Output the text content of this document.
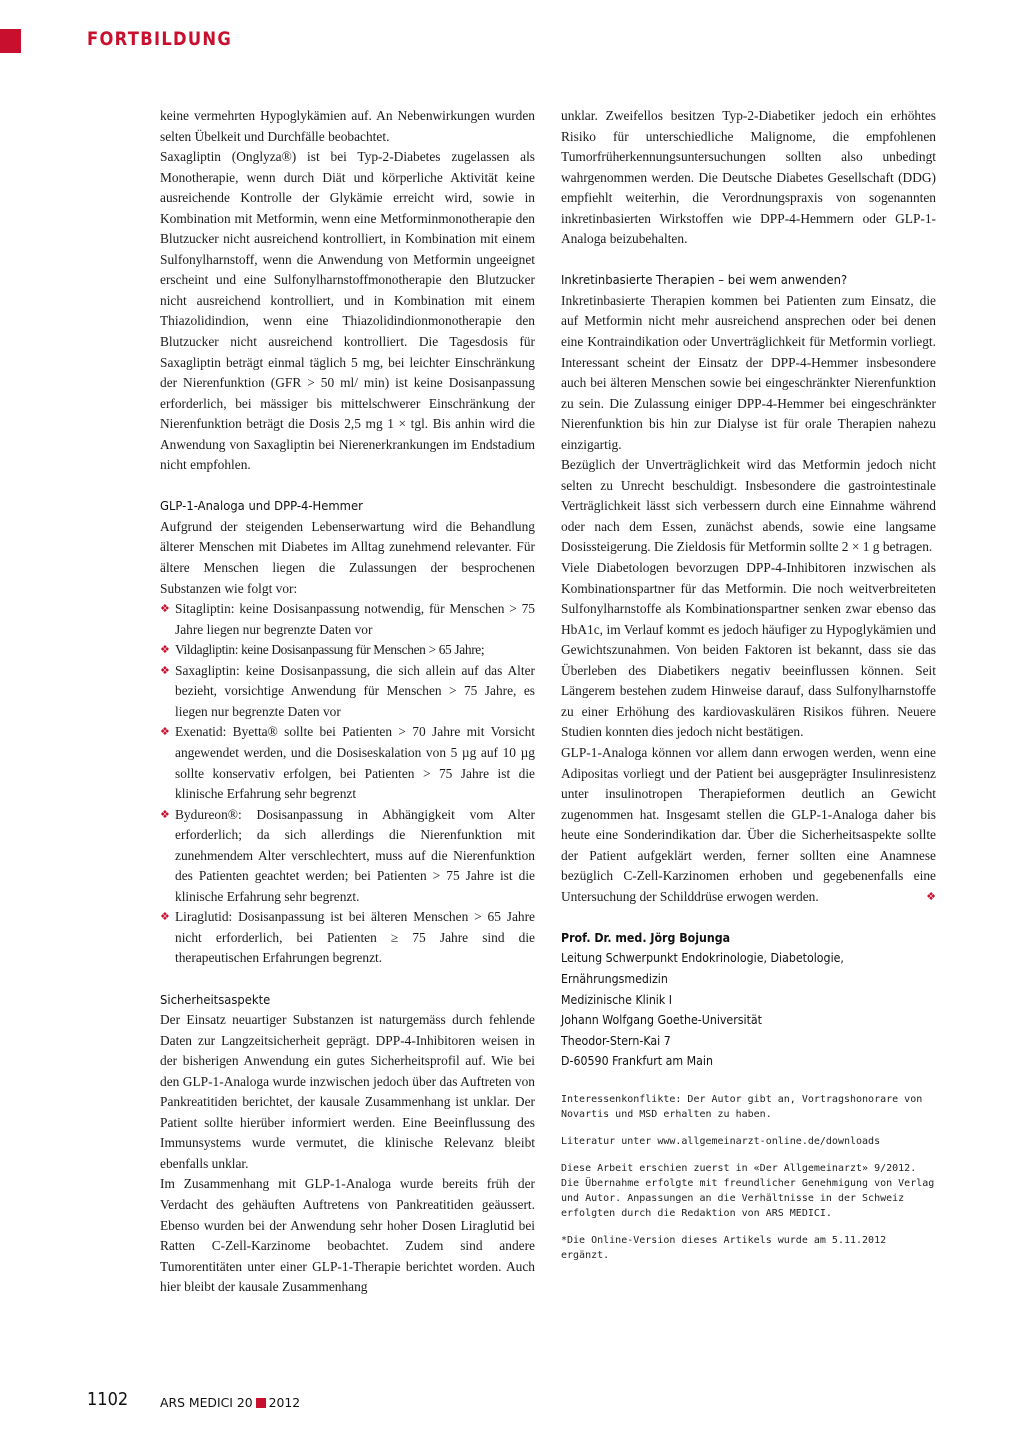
FORTBILDUNG

keine vermehrten Hypoglykämien auf. An Nebenwirkungen wurden selten Übelkeit und Durchfälle beobachtet.

Saxagliptin (Onglyza®) ist bei Typ-2-Diabetes zugelassen als Monotherapie, wenn durch Diät und körperliche Aktivität keine ausreichende Kontrolle der Glykämie erreicht wird, sowie in Kombination mit Metformin, wenn eine Metforminmonotherapie den Blutzucker nicht ausreichend kontrolliert, in Kombination mit einem Sulfonylharnstoff, wenn die Anwendung von Metformin ungeeignet erscheint und eine Sulfonylharnstoffmonotherapie den Blutzucker nicht ausreichend kontrolliert, und in Kombination mit einem Thiazolidindion, wenn eine Thiazolidindionmonotherapie den Blutzucker nicht ausreichend kontrolliert. Die Tagesdosis für Saxagliptin beträgt einmal täglich 5 mg, bei leichter Einschränkung der Nierenfunktion (GFR > 50 ml/ min) ist keine Dosisanpassung erforderlich, bei mässiger bis mittelschwerer Einschränkung der Nierenfunktion beträgt die Dosis 2,5 mg 1 × tgl. Bis anhin wird die Anwendung von Saxagliptin bei Nierenerkrankungen im Endstadium nicht empfohlen.

GLP-1-Analoga und DPP-4-Hemmer

Aufgrund der steigenden Lebenserwartung wird die Behandlung älterer Menschen mit Diabetes im Alltag zunehmend relevanter. Für ältere Menschen liegen die Zulassungen der besprochenen Substanzen wie folgt vor:

❖ Sitagliptin: keine Dosisanpassung notwendig, für Menschen > 75 Jahre liegen nur begrenzte Daten vor
❖ Vildagliptin: keine Dosisanpassung für Menschen > 65 Jahre;
❖ Saxagliptin: keine Dosisanpassung, die sich allein auf das Alter bezieht, vorsichtige Anwendung für Menschen > 75 Jahre, es liegen nur begrenzte Daten vor
❖ Exenatid: Byetta® sollte bei Patienten > 70 Jahre mit Vorsicht angewendet werden, und die Dosiseskalation von 5 µg auf 10 µg sollte konservativ erfolgen, bei Patienten > 75 Jahre ist die klinische Erfahrung sehr begrenzt
❖ Bydureon®: Dosisanpassung in Abhängigkeit vom Alter erforderlich; da sich allerdings die Nierenfunktion mit zunehmendem Alter verschlechtert, muss auf die Nierenfunktion des Patienten geachtet werden; bei Patienten > 75 Jahre ist die klinische Erfahrung sehr begrenzt.
❖ Liraglutid: Dosisanpassung ist bei älteren Menschen > 65 Jahre nicht erforderlich, bei Patienten ≥ 75 Jahre sind die therapeutischen Erfahrungen begrenzt.
Sicherheitsaspekte

Der Einsatz neuartiger Substanzen ist naturgemäss durch fehlende Daten zur Langzeitsicherheit geprägt. DPP-4-Inhibitoren weisen in der bisherigen Anwendung ein gutes Sicherheitsprofil auf. Wie bei den GLP-1-Analoga wurde inzwischen jedoch über das Auftreten von Pankreatitiden berichtet, der kausale Zusammenhang ist unklar. Der Patient sollte hierüber informiert werden. Eine Beeinflussung des Immunsystems wurde vermutet, die klinische Relevanz bleibt ebenfalls unklar.

Im Zusammenhang mit GLP-1-Analoga wurde bereits früh der Verdacht des gehäuften Auftretens von Pankreatitiden geäussert. Ebenso wurden bei der Anwendung sehr hoher Dosen Liraglutid bei Ratten C-Zell-Karzinome beobachtet. Zudem sind andere Tumorentitäten unter einer GLP-1-Therapie berichtet worden. Auch hier bleibt der kausale Zusammenhang

unklar. Zweifellos besitzen Typ-2-Diabetiker jedoch ein erhöhtes Risiko für unterschiedliche Malignome, die empfohlenen Tumorfrüherkennungsuntersuchungen sollten also unbedingt wahrgenommen werden. Die Deutsche Diabetes Gesellschaft (DDG) empfiehlt weiterhin, die Verordnungspraxis von sogenannten inkretinbasierten Wirkstoffen wie DPP-4-Hemmern oder GLP-1-Analoga beizubehalten.

Inkretinbasierte Therapien – bei wem anwenden?

Inkretinbasierte Therapien kommen bei Patienten zum Einsatz, die auf Metformin nicht mehr ausreichend ansprechen oder bei denen eine Kontraindikation oder Unverträglichkeit für Metformin vorliegt. Interessant scheint der Einsatz der DPP-4-Hemmer insbesondere auch bei älteren Menschen sowie bei eingeschränkter Nierenfunktion zu sein. Die Zulassung einiger DPP-4-Hemmer bei eingeschränkter Nierenfunktion bis hin zur Dialyse ist für orale Therapien nahezu einzigartig.

Bezüglich der Unverträglichkeit wird das Metformin jedoch nicht selten zu Unrecht beschuldigt. Insbesondere die gastrointestinale Verträglichkeit lässt sich verbessern durch eine Einnahme während oder nach dem Essen, zunächst abends, sowie eine langsame Dosissteigerung. Die Zieldosis für Metformin sollte 2 × 1 g betragen.

Viele Diabetologen bevorzugen DPP-4-Inhibitoren inzwischen als Kombinationspartner für das Metformin. Die noch weitverbreiteten Sulfonylharnstoffe als Kombinationspartner senken zwar ebenso das HbA1c, im Verlauf kommt es jedoch häufiger zu Hypoglykämien und Gewichtszunahmen. Von beiden Faktoren ist bekannt, dass sie das Überleben des Diabetikers negativ beeinflussen können. Seit Längerem bestehen zudem Hinweise darauf, dass Sulfonylharnstoffe zu einer Erhöhung des kardiovaskulären Risikos führen. Neuere Studien konnten dies jedoch nicht bestätigen.

GLP-1-Analoga können vor allem dann erwogen werden, wenn eine Adipositas vorliegt und der Patient bei ausgeprägter Insulinresistenz unter insulinotropen Therapieformen deutlich an Gewicht zugenommen hat. Insgesamt stellen die GLP-1-Analoga daher bis heute eine Sonderindikation dar. Über die Sicherheitsaspekte sollte der Patient aufgeklärt werden, ferner sollten eine Anamnese bezüglich C-Zell-Karzinomen erhoben und gegebenenfalls eine Untersuchung der Schilddrüse erwogen werden.	❖

Prof. Dr. med. Jörg Bojunga
Leitung Schwerpunkt Endokrinologie, Diabetologie,
Ernährungsmedizin
Medizinische Klinik I
Johann Wolfgang Goethe-Universität
Theodor-Stern-Kai 7
D-60590 Frankfurt am Main
Interessenkonflikte: Der Autor gibt an, Vortragshonorare von Novartis und MSD erhalten zu haben.
Literatur unter www.allgemeinarzt-online.de/downloads
Diese Arbeit erschien zuerst in «Der Allgemeinarzt» 9/2012. Die Übernahme erfolgte mit freundlicher Genehmigung von Verlag und Autor. Anpassungen an die Verhältnisse in der Schweiz erfolgten durch die Redaktion von ARS MEDICI.
*Die Online-Version dieses Artikels wurde am 5.11.2012 ergänzt.
1102	ARS MEDICI 20 2012
